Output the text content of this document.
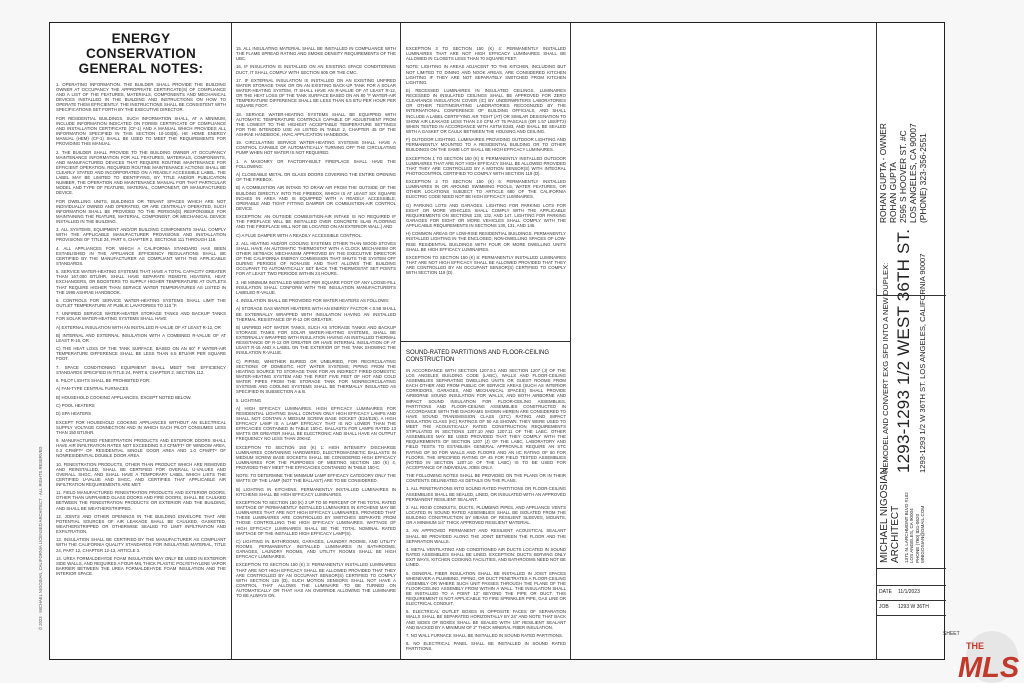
© 2023 · MICHAEL NIGOSIAN, CALIFORNIA LICENSED ARCHITECT · ALL RIGHTS RESERVED
ENERGY CONSERVATION
GENERAL NOTES:

1. OPERATING INFORMATION. THE BUILDER SHALL PROVIDE THE BUILDING OWNER AT OCCUPANCY THE APPROPRIATE CERTIFICATE(S) OF COMPLIANCE AND A LIST OF THE FEATURES, MATERIALS, COMPONENTS AND MECHANICAL DEVICES INSTALLED IN THE BUILDING AND INSTRUCTIONS ON HOW TO OPERATE THEM EFFICIENTLY. THE INSTRUCTIONS SHALL BE CONSISTENT WITH SPECIFICATIONS SET FORTH BY THE EXECUTIVE DIRECTOR.

FOR RESIDENTIAL BUILDINGS, SUCH INFORMATION SHALL, AT A MINIMUM, INCLUDE INFORMATION INDICATED ON FORMS CERTIFICATE OF COMPLIANCE AND INSTALLATION CERTIFICATE (CF-1) AND A MANUAL WHICH PROVIDES ALL INFORMATION SPECIFIED IN THIS SECTION 10-103(B). HE HOME ENERGY MANUAL (HEM) (CF-1) SHALL BE USED TO MEET THE REQUIREMENTS FOR PROVIDING THIS MANUAL.

2. THE BUILDER SHALL PROVIDE TO THE BUILDING OWNER AT OCCUPANCY MAINTENANCE INFORMATION FOR ALL FEATURES, MATERIALS, COMPONENTS, AND MANUFACTURED DEVICES THAT REQUIRE ROUTINE MAINTENANCE FOR EFFICIENT OPERATION. REQUIRED ROUTINE MAINTENANCE ACTIONS SHALL BE CLEARLY STATED AND INCORPORATED ON A READILY ACCESSIBLE LABEL. THE LABEL MAY BE LIMITED TO IDENTIFYING, BY TITLE AND/OR PUBLICATION NUMBER, THE OPERATION AND MAINTENANCE MANUAL FOR THAT PARTICULAR MODEL AND TYPE OF FEATURE, MATERIAL, COMPONENT, OR MANUFACTURED DEVICE.

FOR DWELLING UNITS, BUILDINGS OR TENANT SPACES WHICH ARE NOT INDIVIDUALLY OWNED AND OPERATED, OR ARE CENTRALLY OPERATED, SUCH INFORMATION SHALL BE PROVIDED TO THE PERSON(S) RESPONSIBLE FOR MAINTAINING THE FEATURE, MATERIAL, COMPONENT, OR MECHANICAL DEVICE INSTALLED IN THE BUILDING.

3. ALL SYSTEMS, EQUIPMENT AND/OR BUILDING COMPONENTS SHALL COMPLY WITH THE APPLICABLE MANUFACTURER PROVISIONS AND INSTALLATION PROVISIONS OF TITLE 24, PART 6, CHAPTER 2, SECTIONS 111 THROUGH 118.

4. ALL APPLIANCES FOR WHICH A CALIFORNIA STANDARD HAS BEEN ESTABLISHED IN THE APPLIANCE EFFICIENCY REGULATIONS SHALL BE CERTIFIED BY THE MANUFACTURER AS COMPLIANT WITH THE APPLICABLE STANDARDS.

5. SERVICE WATER-HEATING SYSTEMS THAT HAVE A TOTAL CAPACITY GREATER THAN 167,000 BTU/HR, SHALL HAVE SEPARATE REMOTE HEATERS, HEAT EXCHANGERS, OR BOOSTERS TO SUPPLY HIGHER TEMPERATURE AT OUTLETS THAT REQUIRE HIGHER THAN SERVICE WATER TEMPERATURES AS LISTED IN THE 1995 ASHRAE HANDBOOK.

6. CONTROLS FOR SERVICE WATER-HEATING SYSTEMS SHALL LIMIT THE OUTLET TEMPERATURE AT PUBLIC LAVATORIES TO 110 °F.

7. UNFIRED SERVICE WATER-HEATER STORAGE TANKS AND BACKUP TANKS FOR SOLAR WATER-HEATING SYSTEMS SHALL HAVE:

A) EXTERNAL INSULATION WITH AN INSTALLED R-VALUE OF AT LEAST R-12, OR

B) INTERNAL AND EXTERNAL INSULATION WITH A COMBINED R-VALUE OF AT LEAST R-16, OR

C) THE HEAT LOSS OF THE TANK SURFACE, BASED ON AN 80° F WATER-AIR TEMPERATURE DIFFERENCE SHALL BE LESS THAN 6.5 BTU/HR PER SQUARE FOOT.

7. SPACE CONDITIONING EQUIPMENT SHALL MEET THE EFFICIENCY STANDARDS SPECIFIED IN TITLE 24, PART 6, CHAPTER 2, SECTION 112.

8. PILOT LIGHTS SHALL BE PROHIBITED FOR:

A) FAN-TYPE CENTRAL FURNACES

B) HOUSEHOLD COOKING APPLIANCES, EXCEPT NOTED BELOW.

C) POOL HEATERS

D) SPA HEATERS

EXCEPT FOR HOUSEHOLD COOKING APPLIANCES WITHOUT AN ELECTRICAL SUPPLY VOLTAGE CONNECTION AND IN WHICH EACH PILOT CONSUMES LESS THAN 150 BTU/HR.

9. MANUFACTURED FENESTRATION PRODUCTS AND EXTERIOR DOORS SHALL HAVE AIR INFILTRATION RATES NOT EXCEEDING 0.3 CFM/FT² OF WINDOW AREA, 0.3 CFM/FT² OF RESIDENTIAL SINGLE DOOR AREA AND 1.0 CFM/FT² OF NONRESIDENTIAL DOUBLE DOOR AREA.

10. FENESTRATION PRODUCTS, OTHER THAN PRODUCT WHICH ARE REMOVED AND REINSTALLED, SHALL BE CERTIFIED FOR OVERALL U-VALUES AND OVERALL SHGC, AND SHALL HAVE A TEMPORARY LABEL WHICH LISTS THE CERTIFIED U-VALUE AND SHGC, AND CERTIFIES THAT APPLICABLE AIR INFILTRATION REQUIREMENTS ARE MET.

11. FIELD MANUFACTURED FENESTRATION PRODUCTS AND EXTERIOR DOORS, OTHER THAN UNFRAMED GLASS DOORS AND FIRE DOORS, SHALL BE CAULKED BETWEEN THE FENESTRATION PRODUCTS OR EXTERIOR AND THE BUILDING, AND SHALL BE WEATHERSTRIPPED.

12. JOINTS AND OTHER OPENINGS IN THE BUILDING ENVELOPE THAT ARE POTENTIAL SOURCES OF AIR LEAKAGE SHALL BE CAULKED, GASKETED, WEATHERSTRIPPED OR OTHERWISE SEALED TO LIMIT INFILTRATION AND EXFILTRATION.

13. INSULATION SHALL BE CERTIFIED BY THE MANUFACTURER AS COMPLIANT WITH THE CALIFORNIA QUALITY STANDARDS FOR INSULATING MATERIAL, TITLE 24, PART 12, CHAPTER 12-13, ARTICLE 3.

14. UREA FORMALDEHYDE FOAM INSULATION MAY ONLY BE USED IN EXTERIOR SIDE WALLS, AND REQUIRES A FOUR-MIL THICK PLASTIC POLYETHYLENE VAPOR BARRIER BETWEEN THE UREA FORMALDEHYDE FOAM INSULATION AND THE INTERIOR SPACE.

15. ALL INSULATING MATERIAL SHALL BE INSTALLED IN COMPLIANCE WITH THE FLAME SPREAD RATING AND SMOKE DENSITY REQUIREMENTS OF THE UBC.

16. IF INSULATION IS INSTALLED ON AN EXISTING SPACE CONDITIONING DUCT, IT SHALL COMPLY WITH SECTION 605 OR THE CMC.

17. IF EXTERNAL INSULATION IS INSTALLED ON AN EXISTING UNFIRED WATER STORAGE TANK OR ON AN EXISTING BACK-UP TANK FOR A SOLAR WATER-HEATING SYSTEM, IT SHALL HAVE AN R-VALUE OF AT LEAST R-12, OR THE HEAT LOSS OF THE TANK SURFACE BASED ON AN 80 °F WATER-AIR TEMPERATURE DIFFERENCE SHALL BE LESS THAN 6.5 BTU PER HOUR PER SQUARE FOOT.

18. SERVICE WATER-HEATING SYSTEMS SHALL BE EQUIPPED WITH AUTOMATIC TEMPERATURE CONTROLS CAPABLE OF ADJUSTMENT FROM THE LOWEST TO THE HIGHEST ACCEPTABLE TEMPERATURE SETTINGS FOR THE INTENDED USE AS LISTED IN TABLE 2, CHAPTER 45 OF THE ASHRAE HANDBOOK, HVAC APPLICATION HANDBOOK.

19. CIRCULATING SERVICE WATER-HEATING SYSTEMS SHALL HAVE A CONTROL CAPABLE OF AUTOMATICALLY TURNING OFF THE CIRCULATING PUMP WHEN HOT WATER IS NOT REQUIRED.

1. A MASONRY OR FACTORY-BUILT FIREPLACE SHALL HAVE THE FOLLOWING:

A) CLOSEABLE METAL OR GLASS DOORS COVERING THE ENTIRE OPENING OF THE FIREBOX.

B) A COMBUSTION AIR INTAKE TO DRAW AIR FROM THE OUTSIDE OF THE BUILDING DIRECTLY INTO THE FIREBOX, WHICH IS AT LEAST SIX SQUARE INCHES IN AREA AND IS EQUIPPED WITH A READILY ACCESSIBLE, OPERABLE AND TIGHT FITTING DAMPER OR COMBUSTION-AIR CONTROL DEVICE.

EXCEPTION: AN OUTSIDE COMBUSTION-AIR INTAKE IS NO REQUIRED IF THE FIREPLACE WILL BE INSTALLED OVER CONCRETE SLAB FLOORING AND THE FIREPLACE WILL NOT BE LOCATED ON AN EXTERIOR WALL.) AND

C) A FLUE DAMPER WITH A READILY ACCESSIBLE CONTROL.

2. ALL HEATING AND/OR COOLING SYSTEMS OTHER THAN WOOD STOVES SHALL HAVE AN AUTOMATIC THERMOSTAT WITH A CLOCK MECHANISM OR OTHER SETBACK MECHANISM APPROVED BY THE EXECUTIVE DIRECTOR OF THE CALIFORNIA ENERGY COMMISSION THAT SHUTS THE SYSTEM OFF DURING PERIODS OF NON-USE AND THAT ALLOWS THE BUILDING OCCUPANT TO AUTOMATICALLY SET BACK THE THERMOSTAT SET POINTS FOR AT LEAST TWO PERIODS WITHIN 24 HOURS.

3. HE MINIMUM INSTALLED WEIGHT PER SQUARE FOOT OF ANY LOOSE-FILL INSULATION SHALL CONFORM WITH THE INSULATION MANUFACTURER'S LABELED R-VALUE.

4. INSULATION SHALL BE PROVIDED FOR WATER HEATERS AS FOLLOWS:

A) STORAGE GAS WATER HEATERS WITH AN ENERGY FACTOR < 0.58 SHALL BE EXTERNALLY WRAPPED WITH INSULATION HAVING AN INSTALLED THERMAL RESISTANCE OF R-12 OR GREATER.

B) UNFIRED HOT WATER TANKS, SUCH AS STORAGE TANKS AND BACKUP STORAGE TANKS FOR SOLAR WATER-HEATING SYSTEMS, SHALL BE EXTERNALLY WRAPPED WITH INSULATION HAVING AN INSTALLED THERMAL RESISTANCE OF R-12 OR GREATER OR HAVE INTERNAL INSULATION OF AT LEAST R-16 AND A LABEL ON THE EXTERIOR OF THE TANK SHOWING THE INSULATION R-VALUE.

C) PIPING, WHETHER BURIED OR UNBURIED, FOR RECIRCULATING SECTIONS OF DOMESTIC HOT WATER SYSTEMS; PIPING FROM THE HEATING SOURCE TO STORAGE TANK FOR AN INDIRECT FIRED DOMESTIC WATER-HEATING SYSTEM AND THE FIRST FIVE FEET OF HOT AND COLD WATER PIPES FROM THE STORAGE TANK FOR NONRECIRCULATING SYSTEMS AND COOLING SYSTEMS SHALL BE THERMALLY INSULATED AS SPECIFIED IN SUBSECTION A & B.

5. LIGHTING

A) HIGH EFFICACY LUMINAIRES. HIGH EFFICACY LUMINAIRES FOR RESIDENTIAL LIGHTING SHALL CONTAIN ONLY HIGH EFFICACY LAMPS AND SHALL NOT CONTAIN A MEDIUM SCREW BASE SOCKET (E24/E26). A HIGH EFFICACY LAMP IS A LAMP EFFICACY THAT IS NO LOWER THAN THE EFFICACIES CONTAINED IN TABLE 150-C. BALLASTS FOR LAMPS RATED 13 WATTS OR GREATER SHALL BE ELECTRONIC AND SHALL HAVE AN OUTPUT FREQUENCY NO LESS THAN 20KHZ.

EXCEPTION TO SECTION 150 (K) 1: HIGH INTENSITY DISCHARGE LUMINAIRES CONTAINING HARDWIRED, ELECTROMAGNETIC BALLASTS IN MEDIUM SCREW BASE SOCKETS SHALL BE CONSIDERED HIGH EFFICACY LUMINAIRES FOR THE PURPOSES OF MEETING SECTION 150 (K) 4, PROVIDED THEY MEET THE EFFICACIES CONTAINED IN TABLE 150-C.

NOTE: TO DETERMINE THE MINIMUM LAMP EFFICACY CATEGORY ONLY THE WATTS OF THE LAMP (NOT THE BALLAST) ARE TO BE CONSIDERED.

B) LIGHTING IN KITCHENS. PERMANENTLY INSTALLED LUMINAIRES IN KITCHENS SHALL BE HIGH EFFICACY LUMINAIRES.

EXCEPTION TO SECTION 150 (K) 2 UP TO 50 PERCENT OF THE TOTAL RATED WATTAGE OF PERMANENTLY INSTALLED LUMINAIRES IN KITCHENS MAY BE LUMINAIRES THAT ARE NOT HIGH EFFICACY LUMINAIRES, PROVIDED THAT THESE LUMINAIRES ARE CONTROLLED BY SWITCHES SEPARATE FROM THOSE CONTROLLING THE HIGH EFFICACY LUMINAIRES. WATTAGE OF HIGH EFFICACY LUMINAIRES SHALL BE THE TOTAL NOMINAL RATED WATTAGE OF THE INSTALLED HIGH EFFICACY LAMP(S).

C) LIGHTING IN BATHROOMS, GARAGES, LAUNDRY ROOMS, AND UTILITY ROOMS. PERMANENTLY INSTALLED LUMINAIRES IN BATHROOMS, GARAGES, LAUNDRY ROOMS, AND UTILITY ROOMS SHALL BE HIGH EFFICACY LUMINAIRES.

EXCEPTION TO SECTION 150 (K) 3: PERMANENTLY INSTALLED LUMINAIRES THAT ARE NOT HIGH EFFICACY SHALL BE ALLOWED PROVIDED THAT THEY ARE CONTROLLED BY AN OCCUPANT SENSOR(S) CERTIFIED TO COMPLY WITH SECTION 119 (D), SUCH MOTION SENSORS SHALL NOT HAVE A CONTROL THAT ALLOWS THE LUMINAIRE TO BE TURNED ON AUTOMATICALLY OR THAT HAS AN OVERRIDE ALLOWING THE LUMINAIRE TO BE ALWAYS ON.

EXCEPTION 3 TO SECTION 150 (K) 4: PERMANENTLY INSTALLED LUMINAIRES THAT ARE NOT HIGH EFFICACY LUMINAIRES SHALL BE ALLOWED IN CLOSETS LESS THAN 70 SQUARE FEET.

NOTE: LIGHTING IN AREAS ADJACENT TO THE KITCHEN, INCLUDING BUT NOT LIMITED TO DINING AND NOOK AREAS, ARE CONSIDERED KITCHEN LIGHTING IF THEY ARE NOT SEPARATELY SWITCHED FROM KITCHEN LIGHTING.

E) RECESSED LUMINAIRES IN INSULATED CEILINGS. LUMINAIRES RECESSED IN INSULATED CEILINGS SHALL BE APPROVED FOR ZERO CLEARANCE INSULATION COVER (IC) BY UNDERWRITERS LABORATORIES OR OTHER TESTING/RATING LABORATORIES RECOGNIZED BY THE INTERNATIONAL CONFERENCE OF BUILDING OFFICIALS, AND SHALL INCLUDE A LABEL CERTIFYING AIR TIGHT (AT) OR SIMILAR DESIGNATION TO SHOW AIR LEAKAGE LESS THAN 2.0 CFM AT 75 PASCALS (OR 1.57 LBS/FT2) WHEN TESTED IN ACCORDANCE WITH ASTM E283, AND SHALL BE SEALED WITH A GASKET OR CAULK BETWEEN THE HOUSING AND CEILING.

F) OUTDOOR LIGHTING. LUMINAIRES PROVIDING OUTDOOR LIGHTING AND PERMANENTLY MOUNTED TO A RESIDENTIAL BUILDING OR TO OTHER BUILDINGS ON THE SAME LOT SHALL BE HIGH EFFICACY LUMINAIRES.

EXCEPTION 1 TO SECTION 150 (K) 6: PERMANENTLY INSTALLED OUTDOOR LUMINAIRES THAT ARE NOT HIGH EFFICACY SHALL BE ALLOWED PROVIDED THAT THEY ARE CONTROLLED BY A MOTION SENSOR(S) WITH INTEGRAL PHOTOCONTROL CERTIFIED TO COMPLY WITH SECTION 119 (D).

EXCEPTION 2 TO SECTION 150 (K) 6: PERMANENTLY INSTALLED LUMINAIRES IN OR AROUND SWIMMING POOLS, WATER FEATURES, OR OTHER LOCATIONS SUBJECT TO ARTICLE 680 OF THE CALIFORNIA ELECTRIC CODE NEED NOT BE HIGH EFFICACY LUMINAIRES.

G) PARKING LOTS AND GARAGES. LIGHTING FOR PARKING LOTS FOR EIGHT OR MORE VEHICLES SHALL COMPLY WITH THE APPLICABLE REQUIREMENTS ON SECTIONS 130, 132, AND 147. LIGHTING FOR PARKING GARAGES FOR EIGHT OR MORE VEHICLES SHALL COMPLY WITH THE APPLICABLE REQUIREMENTS IN SECTIONS 130, 131, AND 146.

H) COMMON AREAS OF LOW-RISE RESIDENTIAL BUILDINGS. PERMANENTLY INSTALLED LIGHTING IN THE ENCLOSED, NON-DWELLING SPACES OF LOW-RISE RESIDENTIAL BUILDINGS WITH FOUR OR MORE DWELLING UNITS SHALL BE HIGH EFFICACY LUMINAIRES.

EXCEPTION TO SECTION 150 (K) 8: PERMANENTLY INSTALLED LUMINAIRES THAT ARE NOT HIGH EFFICACY SHALL BE ALLOWED PROVIDED THAT THEY ARE CONTROLLED BY AN OCCUPANT SENSOR(S) CERTIFIED TO COMPLY WITH SECTION 119 (D).

SOUND-RATED PARTITIONS AND FLOOR-CEILING CONSTRUCTION

IN ACCORDANCE WITH SECTION 1207.9.1 AND SECTION 1207 (J) OF THE LOS ANGELES BUILDING CODE (LABC), WALLS AND FLOOR-CEILING ASSEMBLIES SEPARATING DWELLING UNITS OR GUEST ROOMS FROM EACH OTHER AND FROM PUBLIC OR SERVICE AREAS (SUCH AS INTERIOR CORRIDORS, GARAGES, AND MECHANICAL SPACES) SHALL PROVIDE AIRBORNE SOUND INSULATION FOR WALLS, AND BOTH AIRBORNE AND IMPACT SOUND INSULATION FOR FLOOR-CEILING ASSEMBLIES. PARTITIONS AND FLOOR-CEILING ASSEMBLIES CONSTRUCTED IN ACCORDANCE WITH THE DIAGRAMS SHOWN HEREIN ARE CONSIDERED TO HAVE SOUND TRANSMISSION CLASS (STC) RATING AND IMPACT INSULATION CLASS (IIC) RATINGS OF 50 AS SHOWN. THEY WERE USED TO MEET THE ACOUSTICALLY RATED CONSTRUCTION REQUIREMENTS STIPULATED IN SECTIONS 1207.10 AND 1207.11 OF THE LABC. OTHER ASSEMBLIES MAY BE USED PROVIDED THAT THEY COMPLY WITH THE REQUIREMENTS OF SECTION 1207 (J) OF THE LABC. LABORATORY AND FIELD TESTS TO ESTABLISH GENERAL APPROVALS REQUIRE AN STC RATING OF 50 FOR WALLS AND FLOORS AND AN IIC RATING OF 50 FOR FLOORS. THE SPECIFIED RATING OF 45 FOR FIELD TESTED ASSEMBLIES (NOTED IN SECTION 1207.10 OF THE LABC) IS TO BE USED FOR ACCEPTANCE OF INDIVIDUAL JOBS ONLY.

THE FOLLOWING NOTES SHALL BE PROVIDED ON THE PLANS OR IN THEIR CONTENTS DELINEATED AS DETAILS ON THE PLANS.

1. ALL PENETRATIONS INTO SOUND RATED PARTITIONS OR FLOOR-CEILING ASSEMBLIES SHALL BE SEALED, LINED, OR INSULATED WITH AN APPROVED PERMANENT RESILIENT SEALANT.

2. ALL RIGID CONDUITS, DUCTS, PLUMBING PIPES, AND APPLIANCE VENTS LOCATED IN SOUND RATED ASSEMBLIES SHALL BE ISOLATED FROM THE BUILDING CONSTRUCTION BY MEANS OF RESILIENT SLEEVES, MOUNTS, OR A MINIMUM 1/4" THICK APPROVED RESILIENT MATERIAL.

3. AN APPROVED PERMANENT AND RESILIENT ACOUSTICAL SEALANT SHALL BE PROVIDED ALONG THE JOINT BETWEEN THE FLOOR AND THE SEPARATION WALLS.

4. METAL VENTILATING AND CONDITIONED AIR DUCTS LOCATED IN SOUND RATED ASSEMBLIES SHALL BE LINED. EXCEPTION: DUCTS SERVING ONLY EXIT WAYS, KITCHEN COOKING FACILITIES, AND BATHROOMS NEED NOT BE LINED.

5. GENERAL FIBER INSULATION SHALL BE INSTALLED IN JOIST SPACES WHENEVER A PLUMBING, PIPING, OR DUCT PENETRATES A FLOOR-CEILING ASSEMBLY OR WHERE SUCH UNIT PASSES THROUGH THE PLANE OF THE FLOOR-CEILING ASSEMBLY FROM WITHIN A WALL. THE INSULATION SHALL BE INSTALLED TO A POINT 12" BEYOND THE PIPE OR DUCT. THIS REQUIREMENT IS NOT APPLICABLE TO FIRE SPRINKLER PIPE, GAS LINE OR ELECTRICAL CONDUIT.

6. ELECTRICAL OUTLET BOXES IN OPPOSITE FACES OF SEPARATION WALLS SHALL BE SEPARATED HORIZONTALLY BY 24" AND NOTE THAT BACK AND SIDES OF BOXES SHALL BE SEALED WITH 1/8" RESILIENT SEALANT AND BACKED BY A MINIMUM OF 2" THICK MINERAL FIBER INSULATION.

7. NO WALL FURNACE SHALL BE INSTALLED IN SOUND RATED PARTITIONS.

8. NO ELECTRICAL PANEL SHALL BE INSTALLED IN SOUND RATED PARTITIONS.

ROHAN GUPTA - OWNER ROHAN GUPTA 2595 S HOOVER ST. #C LOS ANGELES, CA 90007 (PHONE) 323-356-2551
REMODEL AND CONVERT EXG SFD INTO A NEW DUPLEX: 1293-1293 1/2 WEST 36TH ST. 1293-1293 1/2 W 36TH ST. LOS ANGELES, CALIFORNIA 90007
MICHAEL NIGOSIAN ARCHITECT 1371 N. LARCHMONT BLVD #102 LOS ANGELES, CA 90004 PHONE (760) 831-0620 MNIGOSIAN@GMAIL.COM
DATE 11/1/2023
JOB 1293 W 36TH
SHEET
THE
MLS
